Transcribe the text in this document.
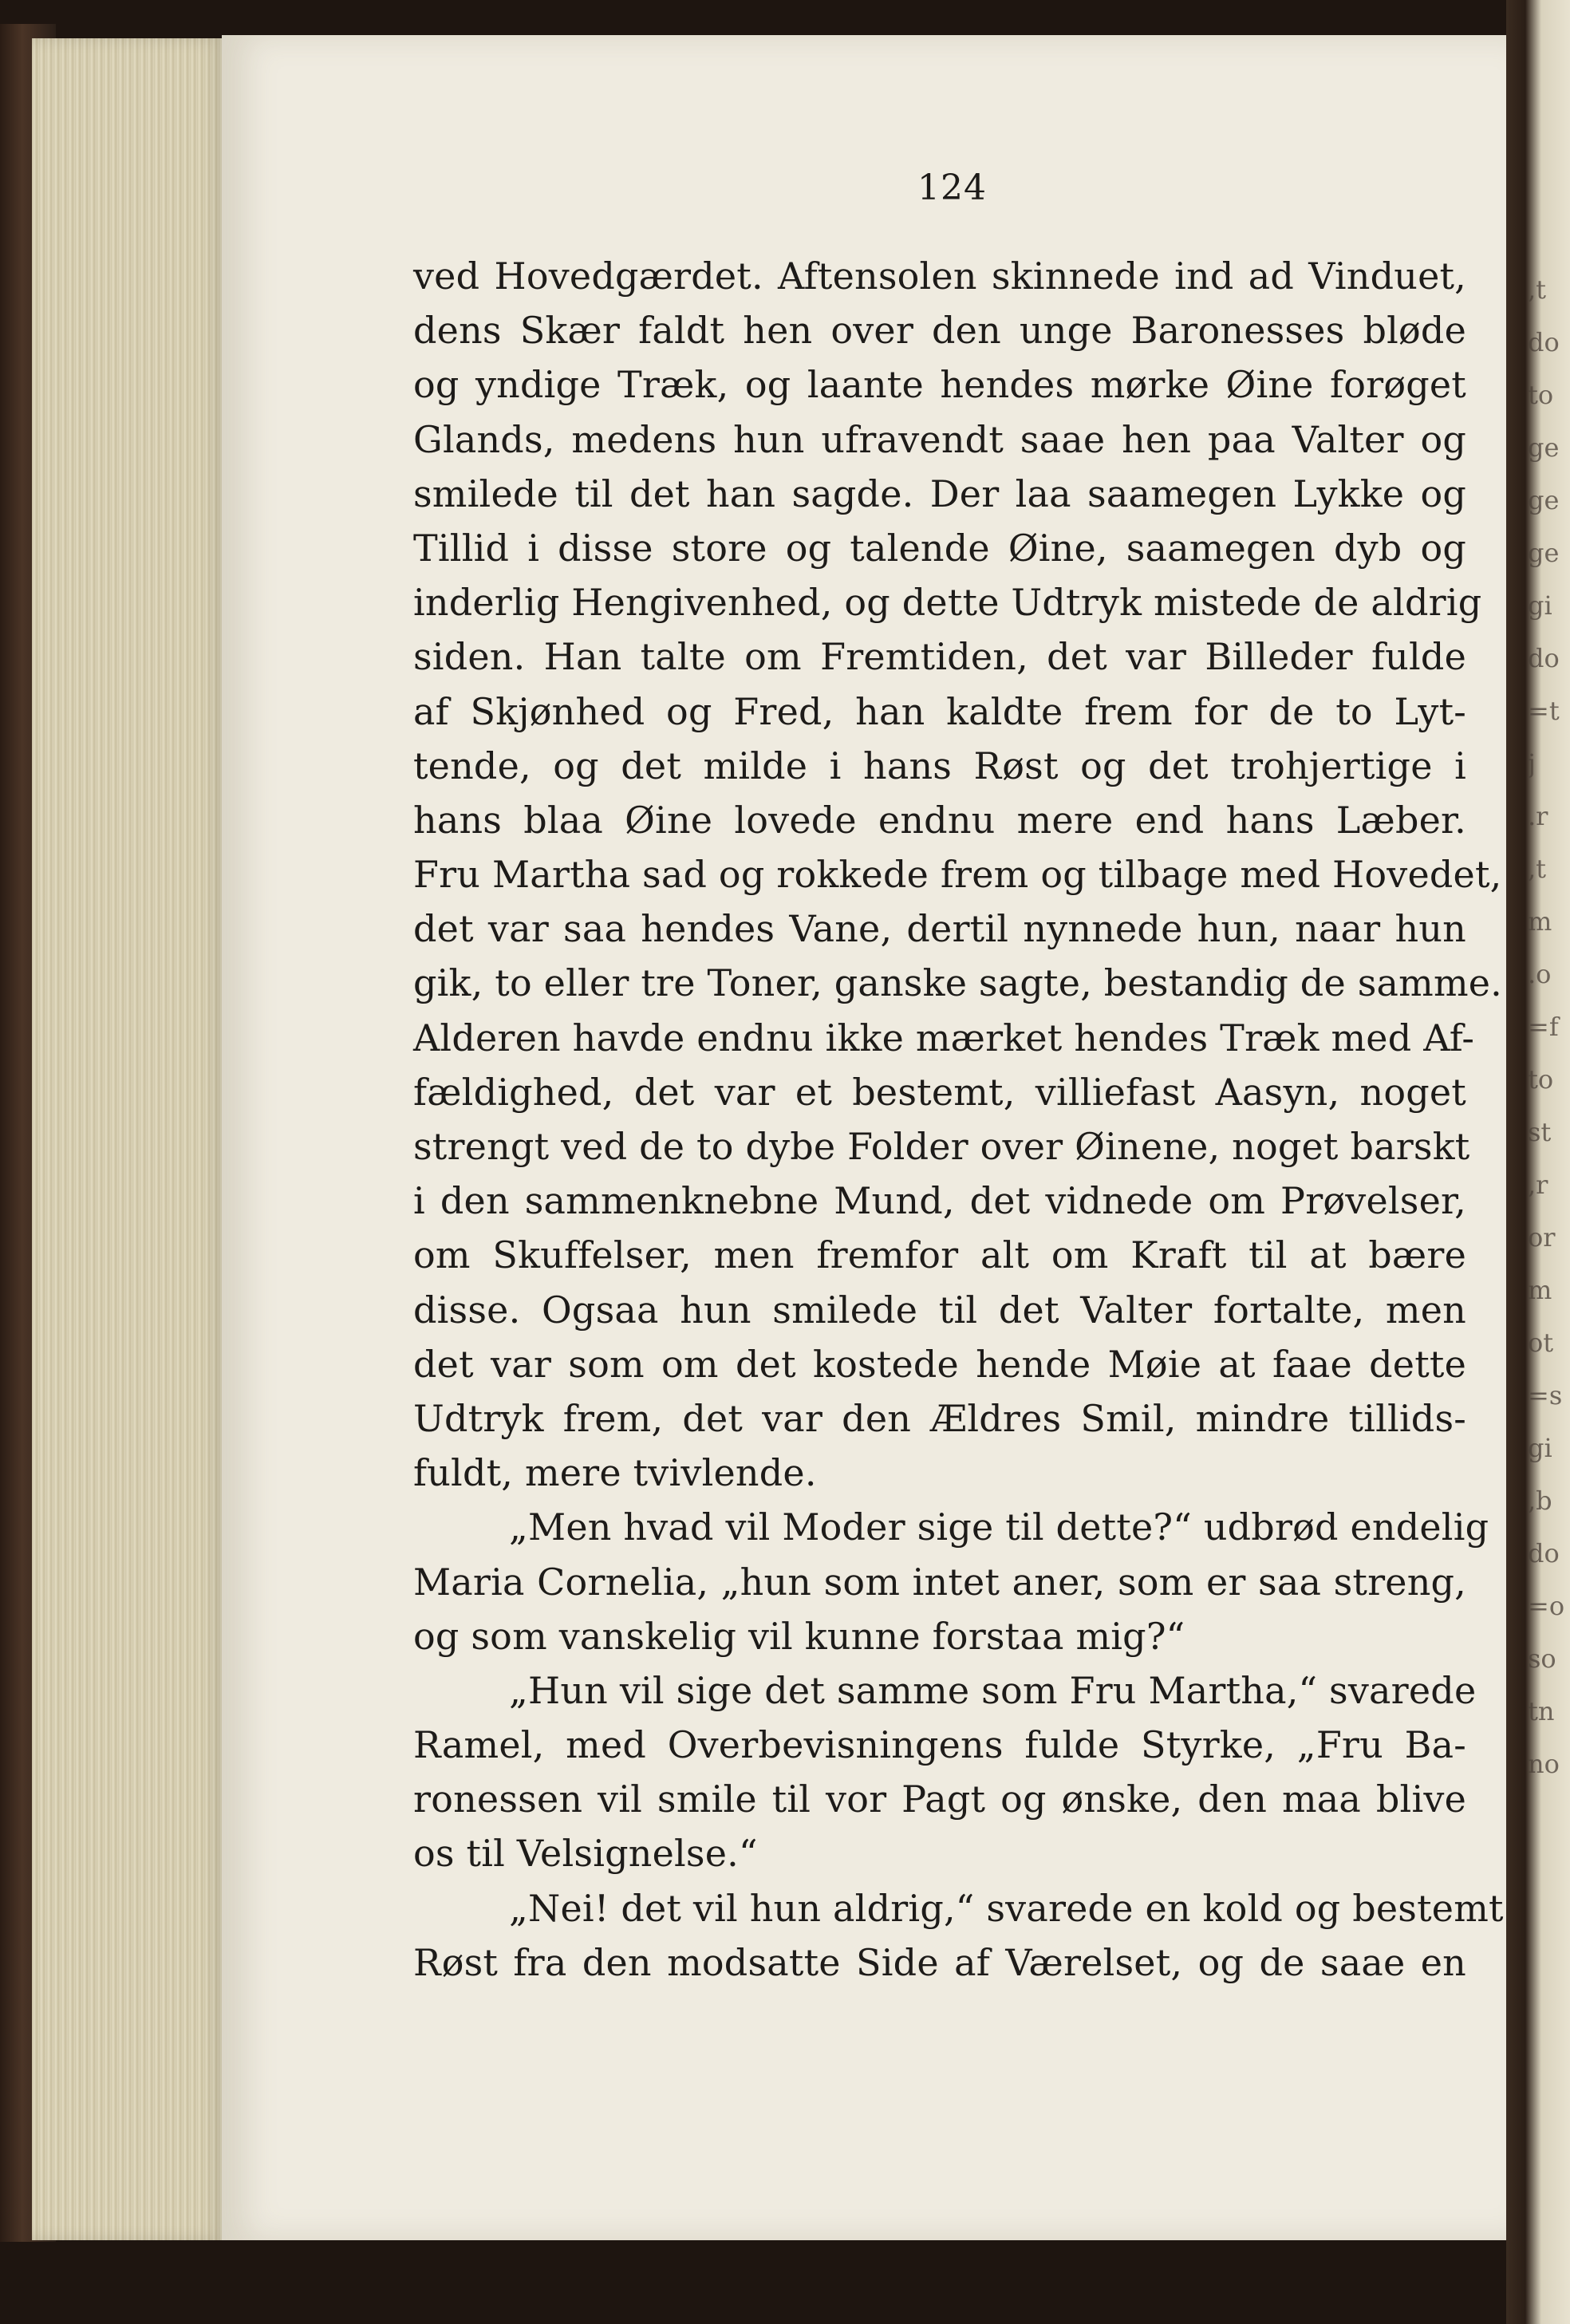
,t
do
to
ge
ge
ge
gi
do
=t
j
.r
,t
m
.o
=f
to
st
,r
or
m
ot
=s
gi
,b
do
=o
so
tn
no
124
ved Hovedgærdet. Aftensolen skinnede ind ad Vinduet,
dens Skær faldt hen over den unge Baronessеs bløde
og yndige Træk, og laante hendes mørke Øine forøget
Glands, medens hun ufravendt saae hen paa Valter og
smilede til det han sagde. Der laa saamegen Lykke og
Tillid i disse store og talende Øine, saamegen dyb og
inderlig Hengivenhed, og dette Udtryk mistede de aldrig
siden. Han talte om Fremtiden, det var Billeder fulde
af Skjønhed og Fred, han kaldte frem for de to Lyt-
tende, og det milde i hans Røst og det trohjertige i
hans blaa Øine lovede endnu mere end hans Læber.
Fru Martha sad og rokkede frem og tilbage med Hovedet,
det var saa hendes Vane, dertil nynnede hun, naar hun
gik, to eller tre Toner, ganske sagte, bestandig de samme.
Alderen havde endnu ikke mærket hendes Træk med Af-
fældighed, det var et bestemt, villiefast Aasyn, noget
strengt ved de to dybe Folder over Øinene, noget barskt
i den sammenknebne Mund, det vidnede om Prøvelser,
om Skuffelser, men fremfor alt om Kraft til at bære
disse. Ogsaa hun smilede til det Valter fortalte, men
det var som om det kostede hende Møie at faae dette
Udtryk frem, det var den Ældres Smil, mindre tillids-
fuldt, mere tvivlende.
„Men hvad vil Moder sige til dette?“ udbrød endelig
Maria Cornelia, „hun som intet aner, som er saa streng,
og som vanskelig vil kunne forstaa mig?“
„Hun vil sige det samme som Fru Martha,“ svarede
Ramel, med Overbevisningens fulde Styrke, „Fru Ba-
ronessen vil smile til vor Pagt og ønske, den maa blive
os til Velsignelse.“
„Nei! det vil hun aldrig,“ svarede en kold og bestemt
Røst fra den modsatte Side af Værelset, og de saae en
